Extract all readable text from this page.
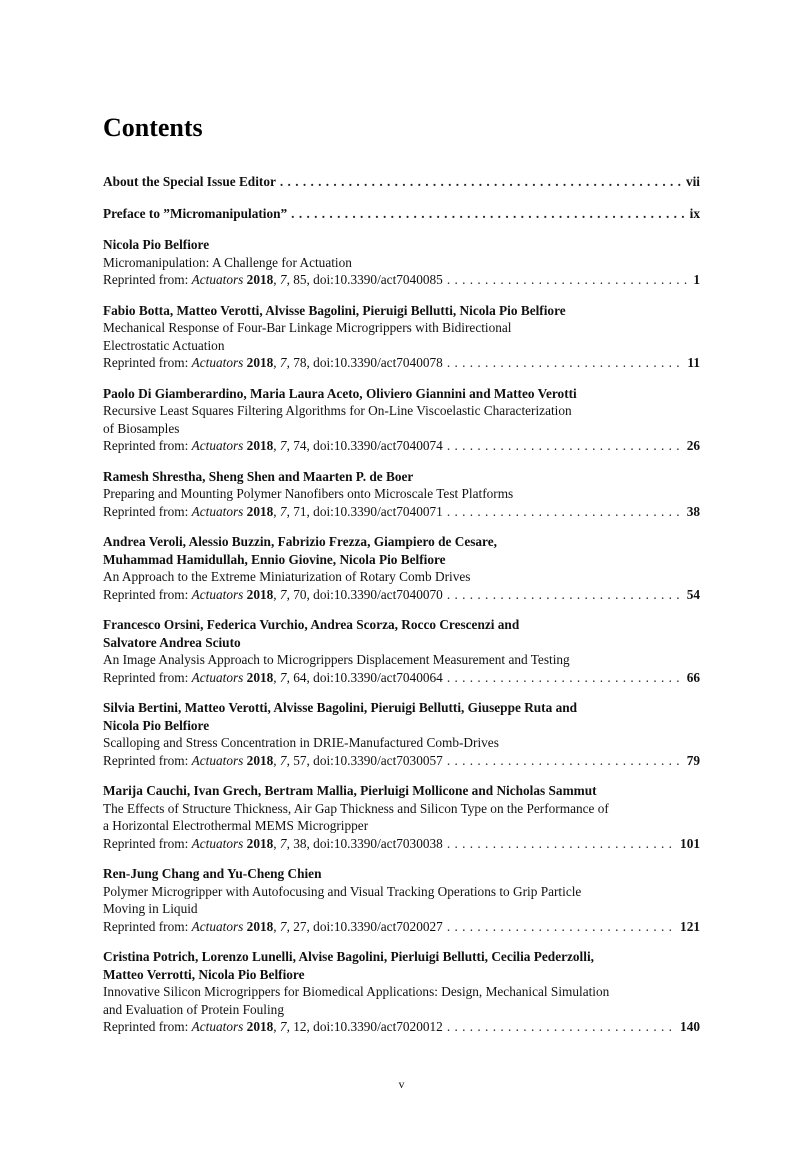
Contents
About the Special Issue Editor . . .	vii
Preface to ”Micromanipulation” . . .	ix
Nicola Pio Belfiore
Micromanipulation: A Challenge for Actuation
Reprinted from: Actuators 2018, 7, 85, doi:10.3390/act7040085 . . .	1
Fabio Botta, Matteo Verotti, Alvisse Bagolini, Pieruigi Bellutti, Nicola Pio Belfiore
Mechanical Response of Four-Bar Linkage Microgrippers with Bidirectional
Electrostatic Actuation
Reprinted from: Actuators 2018, 7, 78, doi:10.3390/act7040078 . . .	11
Paolo Di Giamberardino, Maria Laura Aceto, Oliviero Giannini and Matteo Verotti
Recursive Least Squares Filtering Algorithms for On-Line Viscoelastic Characterization
of Biosamples
Reprinted from: Actuators 2018, 7, 74, doi:10.3390/act7040074 . . .	26
Ramesh Shrestha, Sheng Shen and Maarten P. de Boer
Preparing and Mounting Polymer Nanofibers onto Microscale Test Platforms
Reprinted from: Actuators 2018, 7, 71, doi:10.3390/act7040071 . . .	38
Andrea Veroli, Alessio Buzzin, Fabrizio Frezza, Giampiero de Cesare,
Muhammad Hamidullah, Ennio Giovine, Nicola Pio Belfiore
An Approach to the Extreme Miniaturization of Rotary Comb Drives
Reprinted from: Actuators 2018, 7, 70, doi:10.3390/act7040070 . . .	54
Francesco Orsini, Federica Vurchio, Andrea Scorza, Rocco Crescenzi and
Salvatore Andrea Sciuto
An Image Analysis Approach to Microgrippers Displacement Measurement and Testing
Reprinted from: Actuators 2018, 7, 64, doi:10.3390/act7040064 . . .	66
Silvia Bertini, Matteo Verotti, Alvisse Bagolini, Pieruigi Bellutti, Giuseppe Ruta and
Nicola Pio Belfiore
Scalloping and Stress Concentration in DRIE-Manufactured Comb-Drives
Reprinted from: Actuators 2018, 7, 57, doi:10.3390/act7030057 . . .	79
Marija Cauchi, Ivan Grech, Bertram Mallia, Pierluigi Mollicone and Nicholas Sammut
The Effects of Structure Thickness, Air Gap Thickness and Silicon Type on the Performance of
a Horizontal Electrothermal MEMS Microgripper
Reprinted from: Actuators 2018, 7, 38, doi:10.3390/act7030038 . . .	101
Ren-Jung Chang and Yu-Cheng Chien
Polymer Microgripper with Autofocusing and Visual Tracking Operations to Grip Particle
Moving in Liquid
Reprinted from: Actuators 2018, 7, 27, doi:10.3390/act7020027 . . .	121
Cristina Potrich, Lorenzo Lunelli, Alvise Bagolini, Pierluigi Bellutti, Cecilia Pederzolli,
Matteo Verrotti, Nicola Pio Belfiore
Innovative Silicon Microgrippers for Biomedical Applications: Design, Mechanical Simulation
and Evaluation of Protein Fouling
Reprinted from: Actuators 2018, 7, 12, doi:10.3390/act7020012 . . .	140
v
